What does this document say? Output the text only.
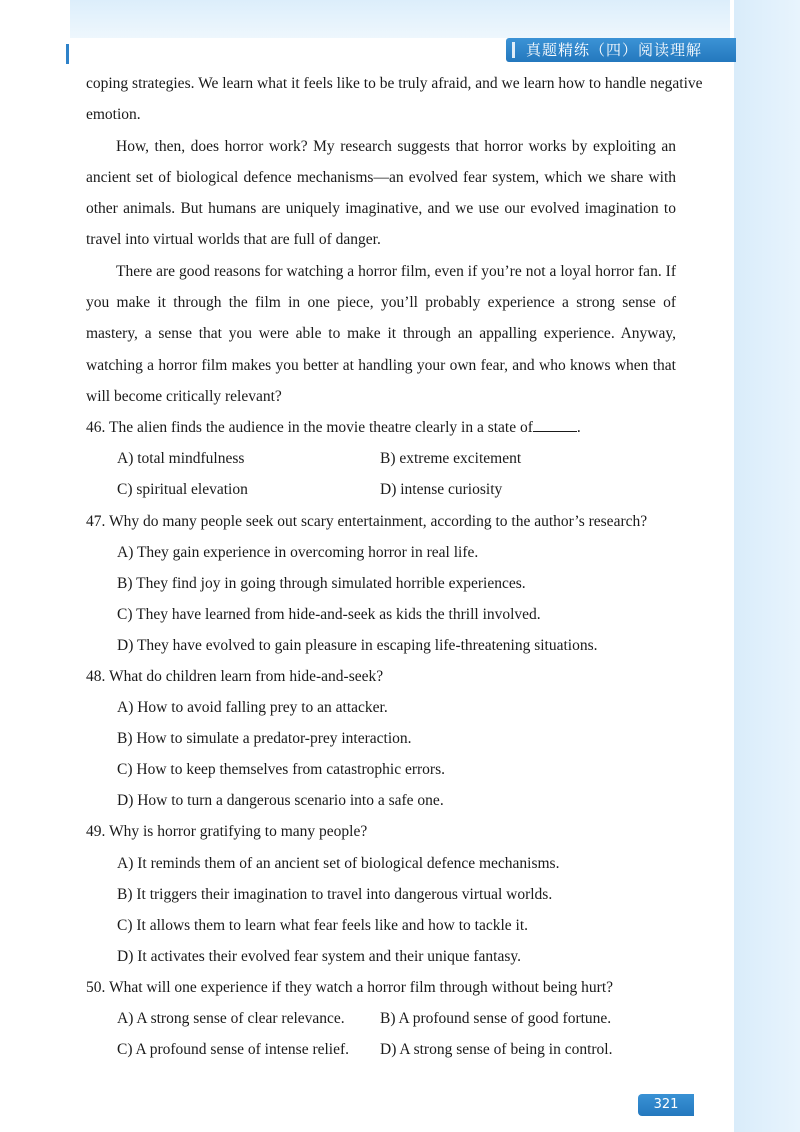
真题精练（四）阅读理解
coping strategies. We learn what it feels like to be truly afraid, and we learn how to handle negative
emotion.

How, then, does horror work? My research suggests that horror works by exploiting an ancient set of biological defence mechanisms—an evolved fear system, which we share with other animals. But humans are uniquely imaginative, and we use our evolved imagination to travel into virtual worlds that are full of danger.

There are good reasons for watching a horror film, even if you’re not a loyal horror fan. If you make it through the film in one piece, you’ll probably experience a strong sense of mastery, a sense that you were able to make it through an appalling experience. Anyway, watching a horror film makes you better at handling your own fear, and who knows when that will become critically relevant?

46. The alien finds the audience in the movie theatre clearly in a state of	.
A) total mindfulness	B) extreme excitement
C) spiritual elevation	D) intense curiosity
47. Why do many people seek out scary entertainment, according to the author’s research?
A) They gain experience in overcoming horror in real life.
B) They find joy in going through simulated horrible experiences.
C) They have learned from hide-and-seek as kids the thrill involved.
D) They have evolved to gain pleasure in escaping life-threatening situations.
48. What do children learn from hide-and-seek?
A) How to avoid falling prey to an attacker.
B) How to simulate a predator-prey interaction.
C) How to keep themselves from catastrophic errors.
D) How to turn a dangerous scenario into a safe one.
49. Why is horror gratifying to many people?
A) It reminds them of an ancient set of biological defence mechanisms.
B) It triggers their imagination to travel into dangerous virtual worlds.
C) It allows them to learn what fear feels like and how to tackle it.
D) It activates their evolved fear system and their unique fantasy.
50. What will one experience if they watch a horror film through without being hurt?
A) A strong sense of clear relevance. B) A profound sense of good fortune.
C) A profound sense of intense relief. D) A strong sense of being in control.
321
